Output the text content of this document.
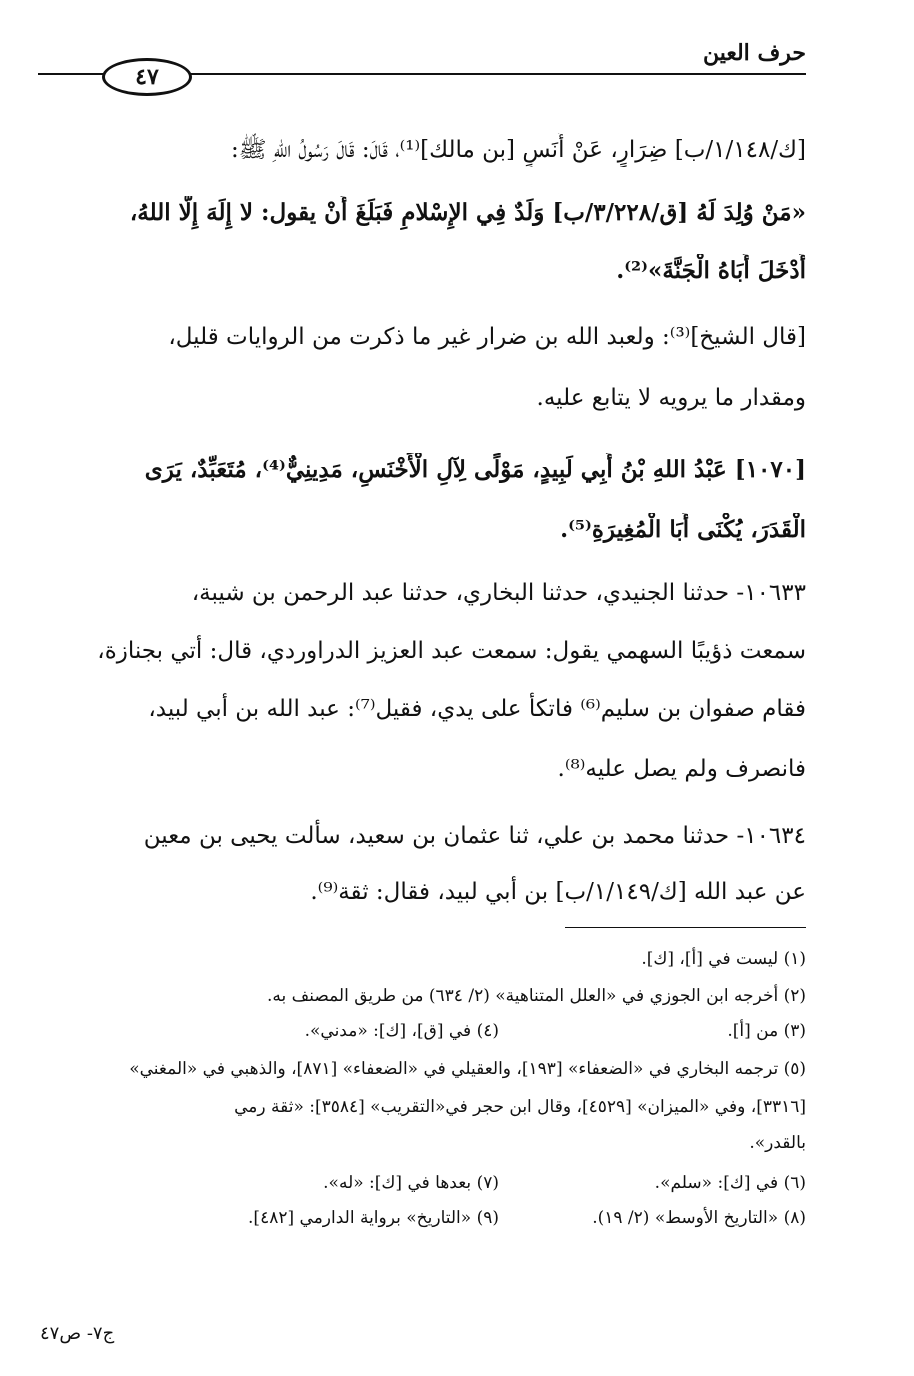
حرف العين
٤٧
[ك/١/١٤٨/ب] ضِرَارٍ، عَنْ أَنَسٍ [بن مالك]⁽¹⁾، قَالَ: قَالَ رَسُولُ اللهِ ﷺ:
«مَنْ وُلِدَ لَهُ [ق/٣/٢٢٨/ب] وَلَدٌ فِي الإِسْلامِ فَبَلَغَ أَنْ يقول: لا إِلَهَ إِلَّا اللهُ،
أَدْخَلَ أَبَاهُ الْجَنَّةَ»⁽²⁾.
[قال الشيخ]⁽³⁾: ولعبد الله بن ضرار غير ما ذكرت من الروايات قليل،
ومقدار ما يرويه لا يتابع عليه.
[١٠٧٠] عَبْدُ اللهِ بْنُ أَبِي لَبِيدٍ، مَوْلًى لِآلِ الْأَخْنَسِ، مَدِينِيٌّ⁽⁴⁾، مُتَعَبِّدٌ، يَرَى
الْقَدَرَ، يُكْنَى أَبَا الْمُغِيرَةِ⁽⁵⁾.
١٠٦٣٣- حدثنا الجنيدي، حدثنا البخاري، حدثنا عبد الرحمن بن شيبة،
سمعت ذؤيبًا السهمي يقول: سمعت عبد العزيز الدراوردي، قال: أتي بجنازة،
فقام صفوان بن سليم⁽⁶⁾ فاتكأ على يدي، فقيل⁽⁷⁾: عبد الله بن أبي لبيد،
فانصرف ولم يصل عليه⁽⁸⁾.
١٠٦٣٤- حدثنا محمد بن علي، ثنا عثمان بن سعيد، سألت يحيى بن معين
عن عبد الله [ك/١/١٤٩/ب] بن أبي لبيد، فقال: ثقة⁽⁹⁾.
(١) ليست في [أ]، [ك].
(٢) أخرجه ابن الجوزي في «العلل المتناهية» (٢/ ٦٣٤) من طريق المصنف به.
(٣) من [أ].
(٤) في [ق]، [ك]: «مدني».
(٥) ترجمه البخاري في «الضعفاء» [١٩٣]، والعقيلي في «الضعفاء» [٨٧١]، والذهبي في «المغني»
[٣٣١٦]، وفي «الميزان» [٤٥٢٩]، وقال ابن حجر في«التقريب» [٣٥٨٤]: «ثقة رمي
بالقدر».
(٦) في [ك]: «سلم».
(٧) بعدها في [ك]: «له».
(٨) «التاريخ الأوسط» (٢/ ١٩).
(٩) «التاريخ» برواية الدارمي [٤٨٢].
ج٧- ص٤٧
